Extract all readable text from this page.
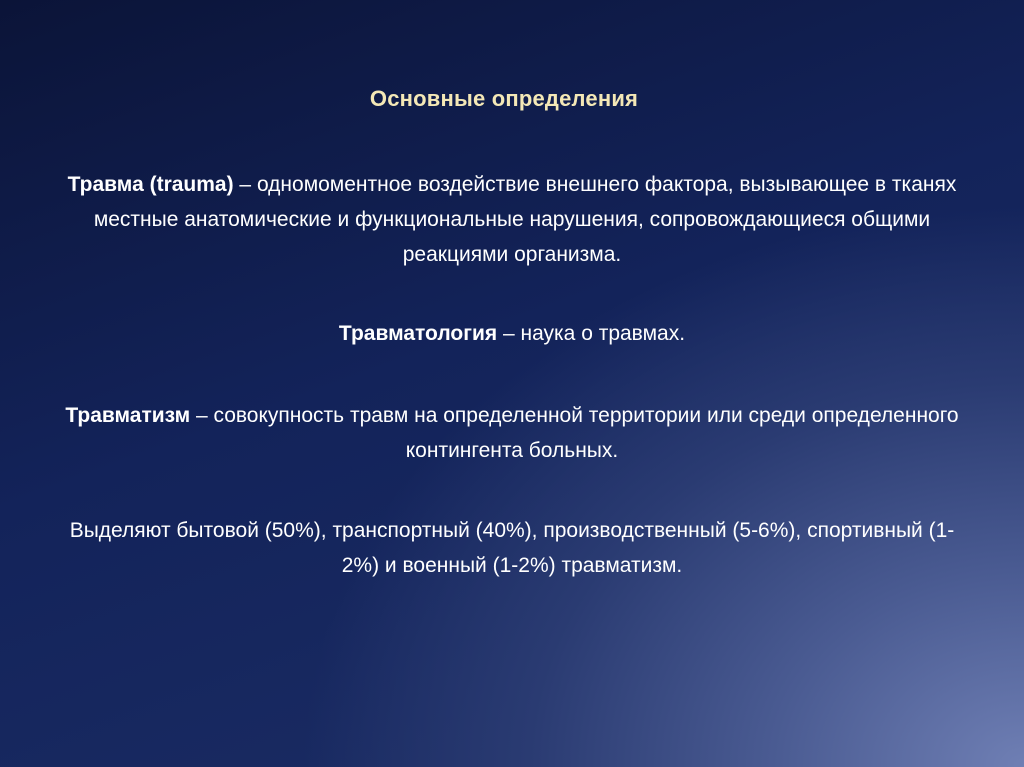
Основные определения
Травма (trauma) – одномоментное воздействие внешнего фактора, вызывающее в тканях местные анатомические и функциональные нарушения, сопровождающиеся общими реакциями организма.
Травматология – наука о травмах.
Травматизм – совокупность травм на определенной территории или среди определенного контингента больных.
Выделяют бытовой (50%), транспортный (40%), производственный (5-6%), спортивный (1-2%) и военный (1-2%) травматизм.
